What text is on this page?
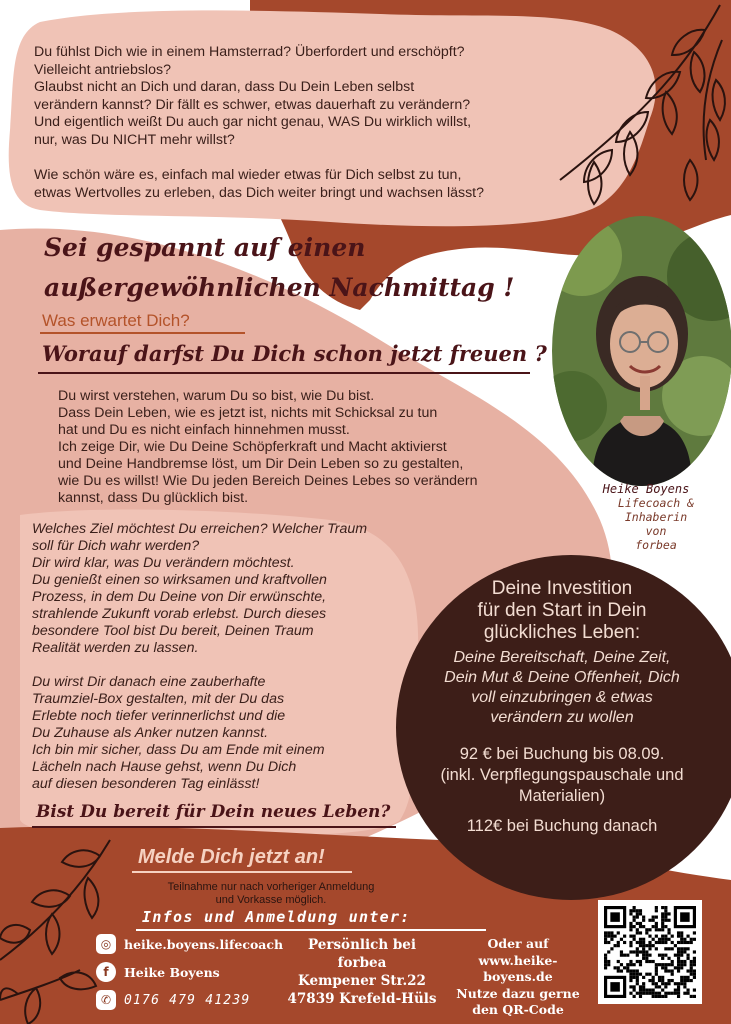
Du fühlst Dich wie in einem Hamsterrad? Überfordert und erschöpft?
Vielleicht antriebslos?
Glaubst nicht an Dich und daran, dass Du Dein Leben selbst
verändern kannst? Dir fällt es schwer, etwas dauerhaft zu verändern?
Und eigentlich weißt Du auch gar nicht genau, WAS Du wirklich willst,
nur, was Du NICHT mehr willst?
Wie schön wäre es, einfach mal wieder etwas für Dich selbst zu tun,
etwas Wertvolles zu erleben, das Dich weiter bringt und wachsen lässt?
Sei gespannt auf einen
außergewöhnlichen Nachmittag !
Was erwartet Dich?
Worauf darfst Du Dich schon jetzt freuen ?
Du wirst verstehen, warum Du so bist, wie Du bist.
Dass Dein Leben, wie es jetzt ist, nichts mit Schicksal zu tun
hat und Du es nicht einfach hinnehmen musst.
Ich zeige Dir, wie Du Deine Schöpferkraft und Macht aktivierst
und Deine Handbremse löst, um Dir Dein Leben so zu gestalten,
wie Du es willst! Wie Du jeden Bereich Deines Lebes so verändern
kannst, dass Du glücklich bist.
Welches Ziel möchtest Du erreichen? Welcher Traum
soll für Dich wahr werden?
Dir wird klar, was Du verändern möchtest.
Du genießt einen so wirksamen und kraftvollen
Prozess, in dem Du Deine von Dir erwünschte,
strahlende Zukunft vorab erlebst. Durch dieses
besondere Tool bist Du bereit, Deinen Traum
Realität werden zu lassen.
Du wirst Dir danach eine zauberhafte
Traumziel-Box gestalten, mit der Du das
Erlebte noch tiefer verinnerlichst und die
Du Zuhause als Anker nutzen kannst.
Ich bin mir sicher, dass Du am Ende mit einem
Lächeln nach Hause gehst, wenn Du Dich
auf diesen besonderen Tag einlässt!
Bist Du bereit für Dein neues Leben?
Deine Investition
für den Start in Dein
glückliches Leben:
Deine Bereitschaft, Deine Zeit,
Dein Mut & Deine Offenheit, Dich
voll einzubringen & etwas
verändern zu wollen
92 € bei Buchung bis 08.09.
(inkl. Verpflegungspauschale und
Materialien)
112€ bei Buchung danach
Heike Boyens
Lifecoach &
Inhaberin
von
forbea
Melde Dich jetzt an!
Teilnahme nur nach vorheriger Anmeldung
und Vorkasse möglich.
Infos und Anmeldung unter:
◎	heike.boyens.lifecoach
f	Heike Boyens
✆ 0176 479 41239
Persönlich bei forbea
Kempener Str.22
47839 Krefeld-Hüls
Oder auf
www.heike-boyens.de
Nutze dazu gerne
den QR-Code
